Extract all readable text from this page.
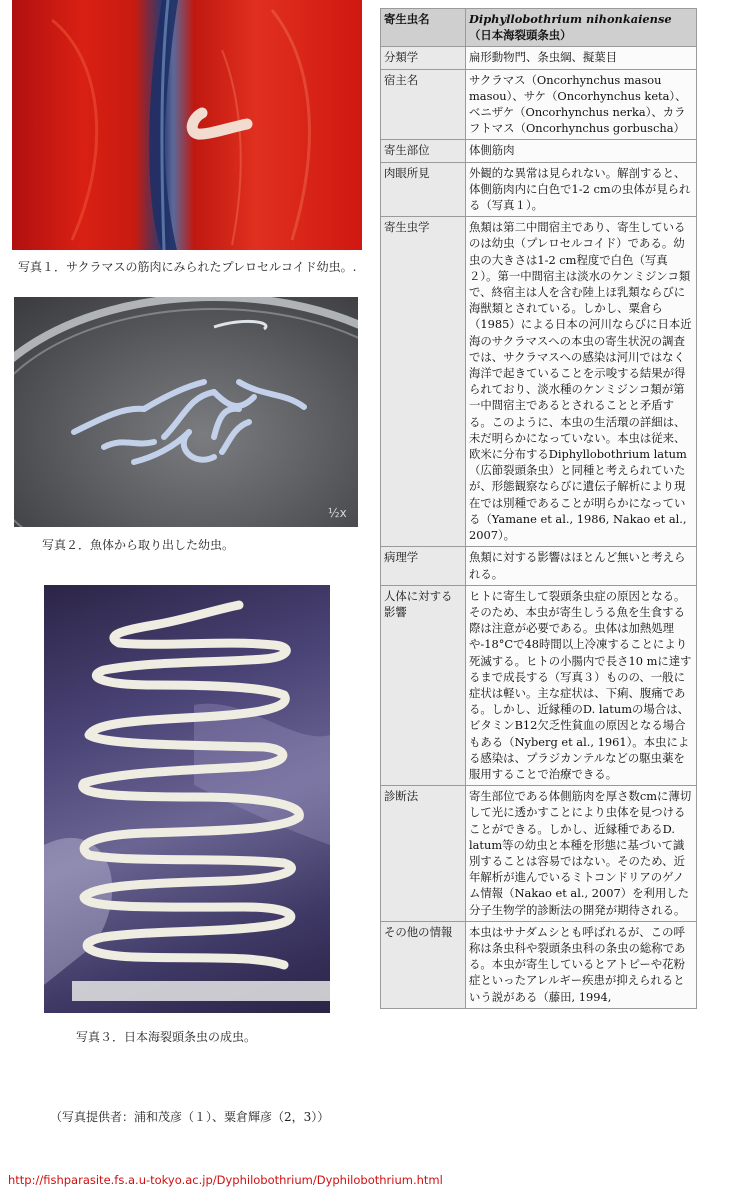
写真１．サクラマスの筋肉にみられたプレロセルコイド幼虫。.
½x
写真２．魚体から取り出した幼虫。
写真３．日本海裂頭条虫の成虫。
（写真提供者：浦和茂彦（１）、粟倉輝彦（2，3））
寄生虫名	Diphyllobothrium nihonkaiense（日本海裂頭条虫）
分類学	扁形動物門、条虫綱、擬葉目
宿主名	サクラマス（Oncorhynchus masou masou）、サケ（Oncorhynchus keta）、ベニザケ（Oncorhynchus nerka）、カラフトマス（Oncorhynchus gorbuscha）
寄生部位	体側筋肉
肉眼所見	外観的な異常は見られない。解剖すると、体側筋肉内に白色で1-2 cmの虫体が見られる（写真１）。
寄生虫学	魚類は第二中間宿主であり、寄生しているのは幼虫（プレロセルコイド）である。幼虫の大きさは1-2 cm程度で白色（写真２）。第一中間宿主は淡水のケンミジンコ類で、終宿主は人を含む陸上ほ乳類ならびに海獣類とされている。しかし、粟倉ら（1985）による日本の河川ならびに日本近海のサクラマスへの本虫の寄生状況の調査では、サクラマスへの感染は河川ではなく海洋で起きていることを示唆する結果が得られており、淡水種のケンミジンコ類が第一中間宿主であるとされることと矛盾する。このように、本虫の生活環の詳細は、未だ明らかになっていない。本虫は従来、欧米に分布するDiphyllobothrium latum（広節裂頭条虫）と同種と考えられていたが、形態観察ならびに遺伝子解析により現在では別種であることが明らかになっている（Yamane et al., 1986, Nakao et al., 2007）。
病理学	魚類に対する影響はほとんど無いと考えられる。
人体に対する影響	ヒトに寄生して裂頭条虫症の原因となる。そのため、本虫が寄生しうる魚を生食する際は注意が必要である。虫体は加熱処理や-18°Cで48時間以上冷凍することにより死滅する。ヒトの小腸内で長さ10 mに達するまで成長する（写真３）ものの、一般に症状は軽い。主な症状は、下痢、腹痛である。しかし、近縁種のD. latumの場合は、ビタミンB12欠乏性貧血の原因となる場合もある（Nyberg et al., 1961）。本虫による感染は、プラジカンテルなどの駆虫薬を服用することで治療できる。
診断法	寄生部位である体側筋肉を厚さ数cmに薄切して光に透かすことにより虫体を見つけることができる。しかし、近縁種であるD. latum等の幼虫と本種を形態に基づいて識別することは容易ではない。そのため、近年解析が進んでいるミトコンドリアのゲノム情報（Nakao et al., 2007）を利用した分子生物学的診断法の開発が期待される。
その他の情報	本虫はサナダムシとも呼ばれるが、この呼称は条虫科や裂頭条虫科の条虫の総称である。本虫が寄生しているとアトピーや花粉症といったアレルギー疾患が抑えられるという説がある（藤田, 1994,
http://fishparasite.fs.a.u-tokyo.ac.jp/Dyphilobothrium/Dyphilobothrium.html
